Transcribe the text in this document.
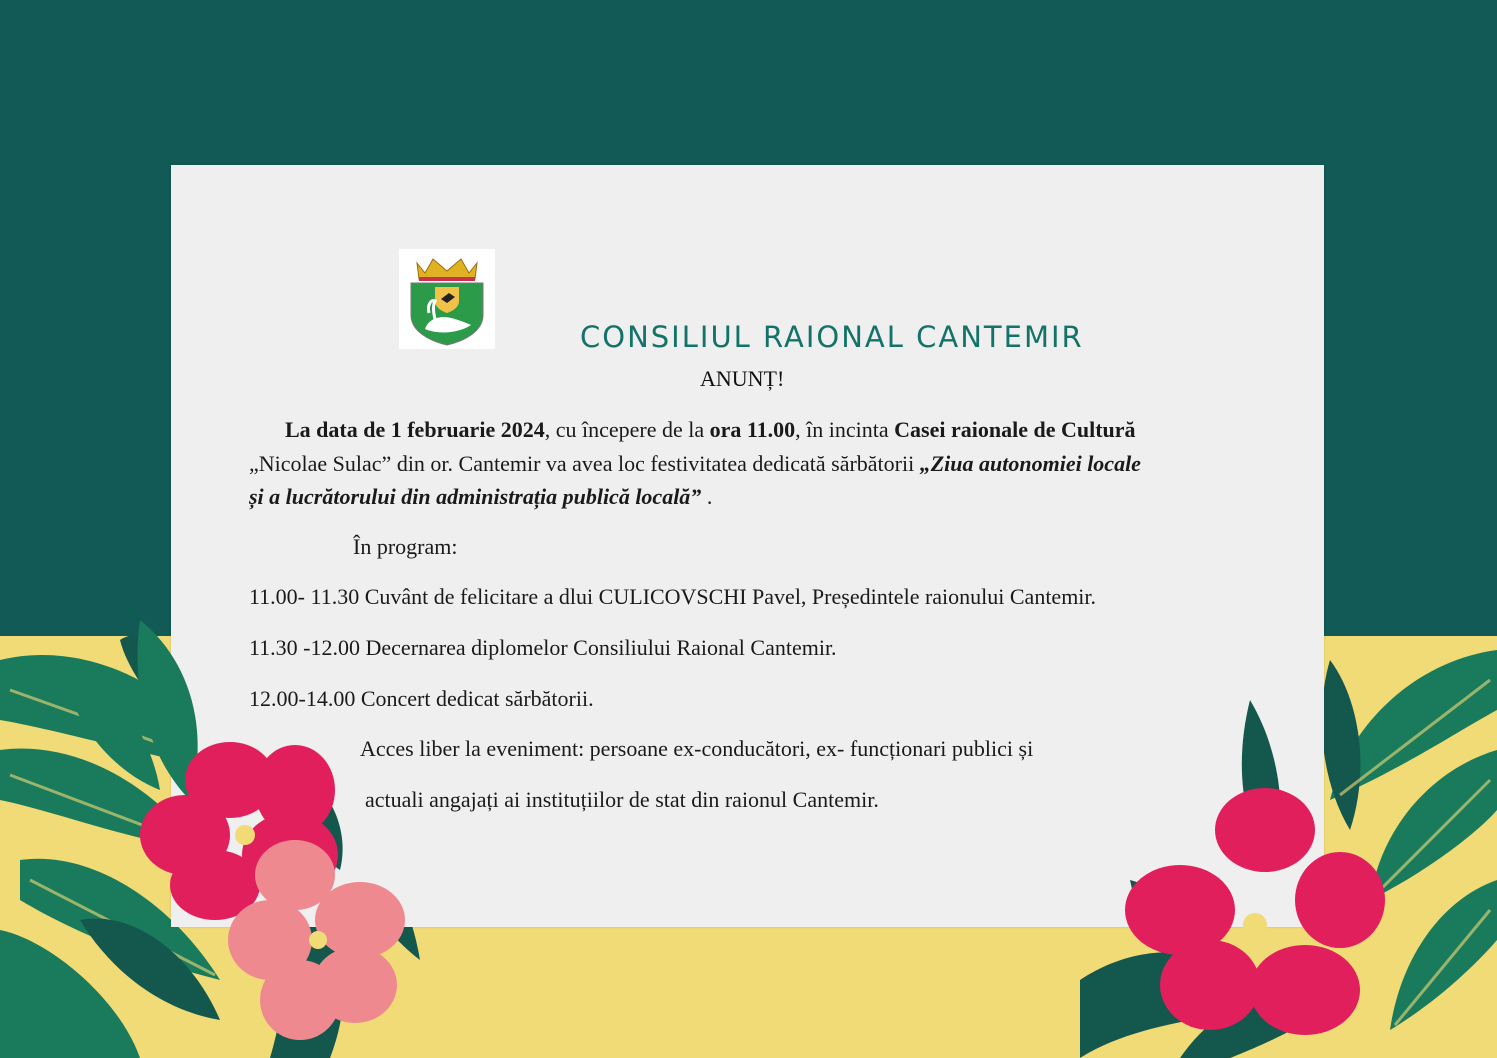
CONSILIUL RAIONAL CANTEMIR
ANUNȚ!
La data de 1 februarie 2024, cu începere de la ora 11.00, în incinta Casei raionale de Cultură
„Nicolae Sulac” din or. Cantemir va avea loc festivitatea dedicată sărbătorii „Ziua autonomiei locale
și a lucrătorului din administrația publică locală” .
În program:
11.00- 11.30 Cuvânt de felicitare a dlui CULICOVSCHI Pavel, Președintele raionului Cantemir.
11.30 -12.00 Decernarea diplomelor Consiliului Raional Cantemir.
12.00-14.00 Concert dedicat sărbătorii.
Acces liber la eveniment: persoane ex-conducători, ex- funcționari publici și
actuali angajați ai instituțiilor de stat din raionul Cantemir.
